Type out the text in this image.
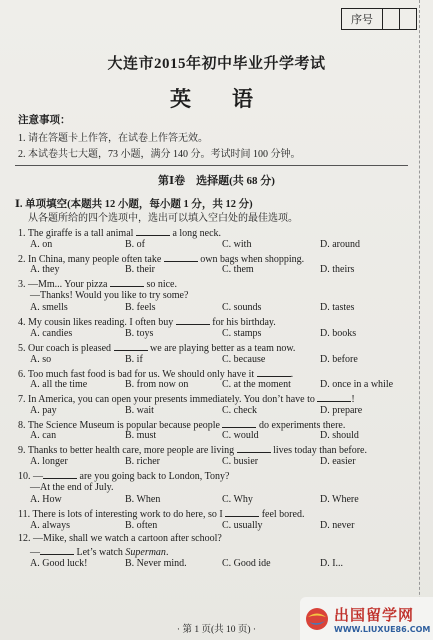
序号
大连市2015年初中毕业升学考试
英　语
注意事项：
1. 请在答题卡上作答，在试卷上作答无效。
2. 本试卷共七大题，73 小题，满分 140 分。考试时间 100 分钟。
第Ⅰ卷　选择题(共 68 分)
Ⅰ. 单项填空(本题共 12 小题，每小题 1 分，共 12 分)
从各题所给的四个选项中，选出可以填入空白处的最佳选项。
1. The giraffe is a tall animal	a long neck.
A. on	B. of	C. with	D. around
2. In China, many people often take	own bags when shopping.
A. they	B. their	C. them	D. theirs
3. —Mm... Your pizza	so nice.
—Thanks! Would you like to try some?
A. smells	B. feels	C. sounds	D. tastes
4. My cousin likes reading. I often buy	for his birthday.
A. candies	B. toys	C. stamps	D. books
5. Our coach is pleased	we are playing better as a team now.
A. so	B. if	C. because	D. before
6. Too much fast food is bad for us. We should only have it	.
A. all the time	B. from now on	C. at the moment	D. once in a while
7. In America, you can open your presents immediately. You don’t have to	!
A. pay	B. wait	C. check	D. prepare
8. The Science Museum is popular because people	do experiments there.
A. can	B. must	C. would	D. should
9. Thanks to better health care, more people are living	lives today than before.
A. longer	B. richer	C. busier	D. easier
10. —	are you going back to London, Tony?
—At the end of July.
A. How	B. When	C. Why	D. Where
11. There is lots of interesting work to do here, so I	feel bored.
A. always	B. often	C. usually	D. never
12. —Mike, shall we watch a cartoon after school?
—	Let’s watch Superman.
A. Good luck!	B. Never mind.	C. Good ide	D. I...
· 第 1 页(共 10 页) ·
出国留学网
WWW.LIUXUE86.COM
